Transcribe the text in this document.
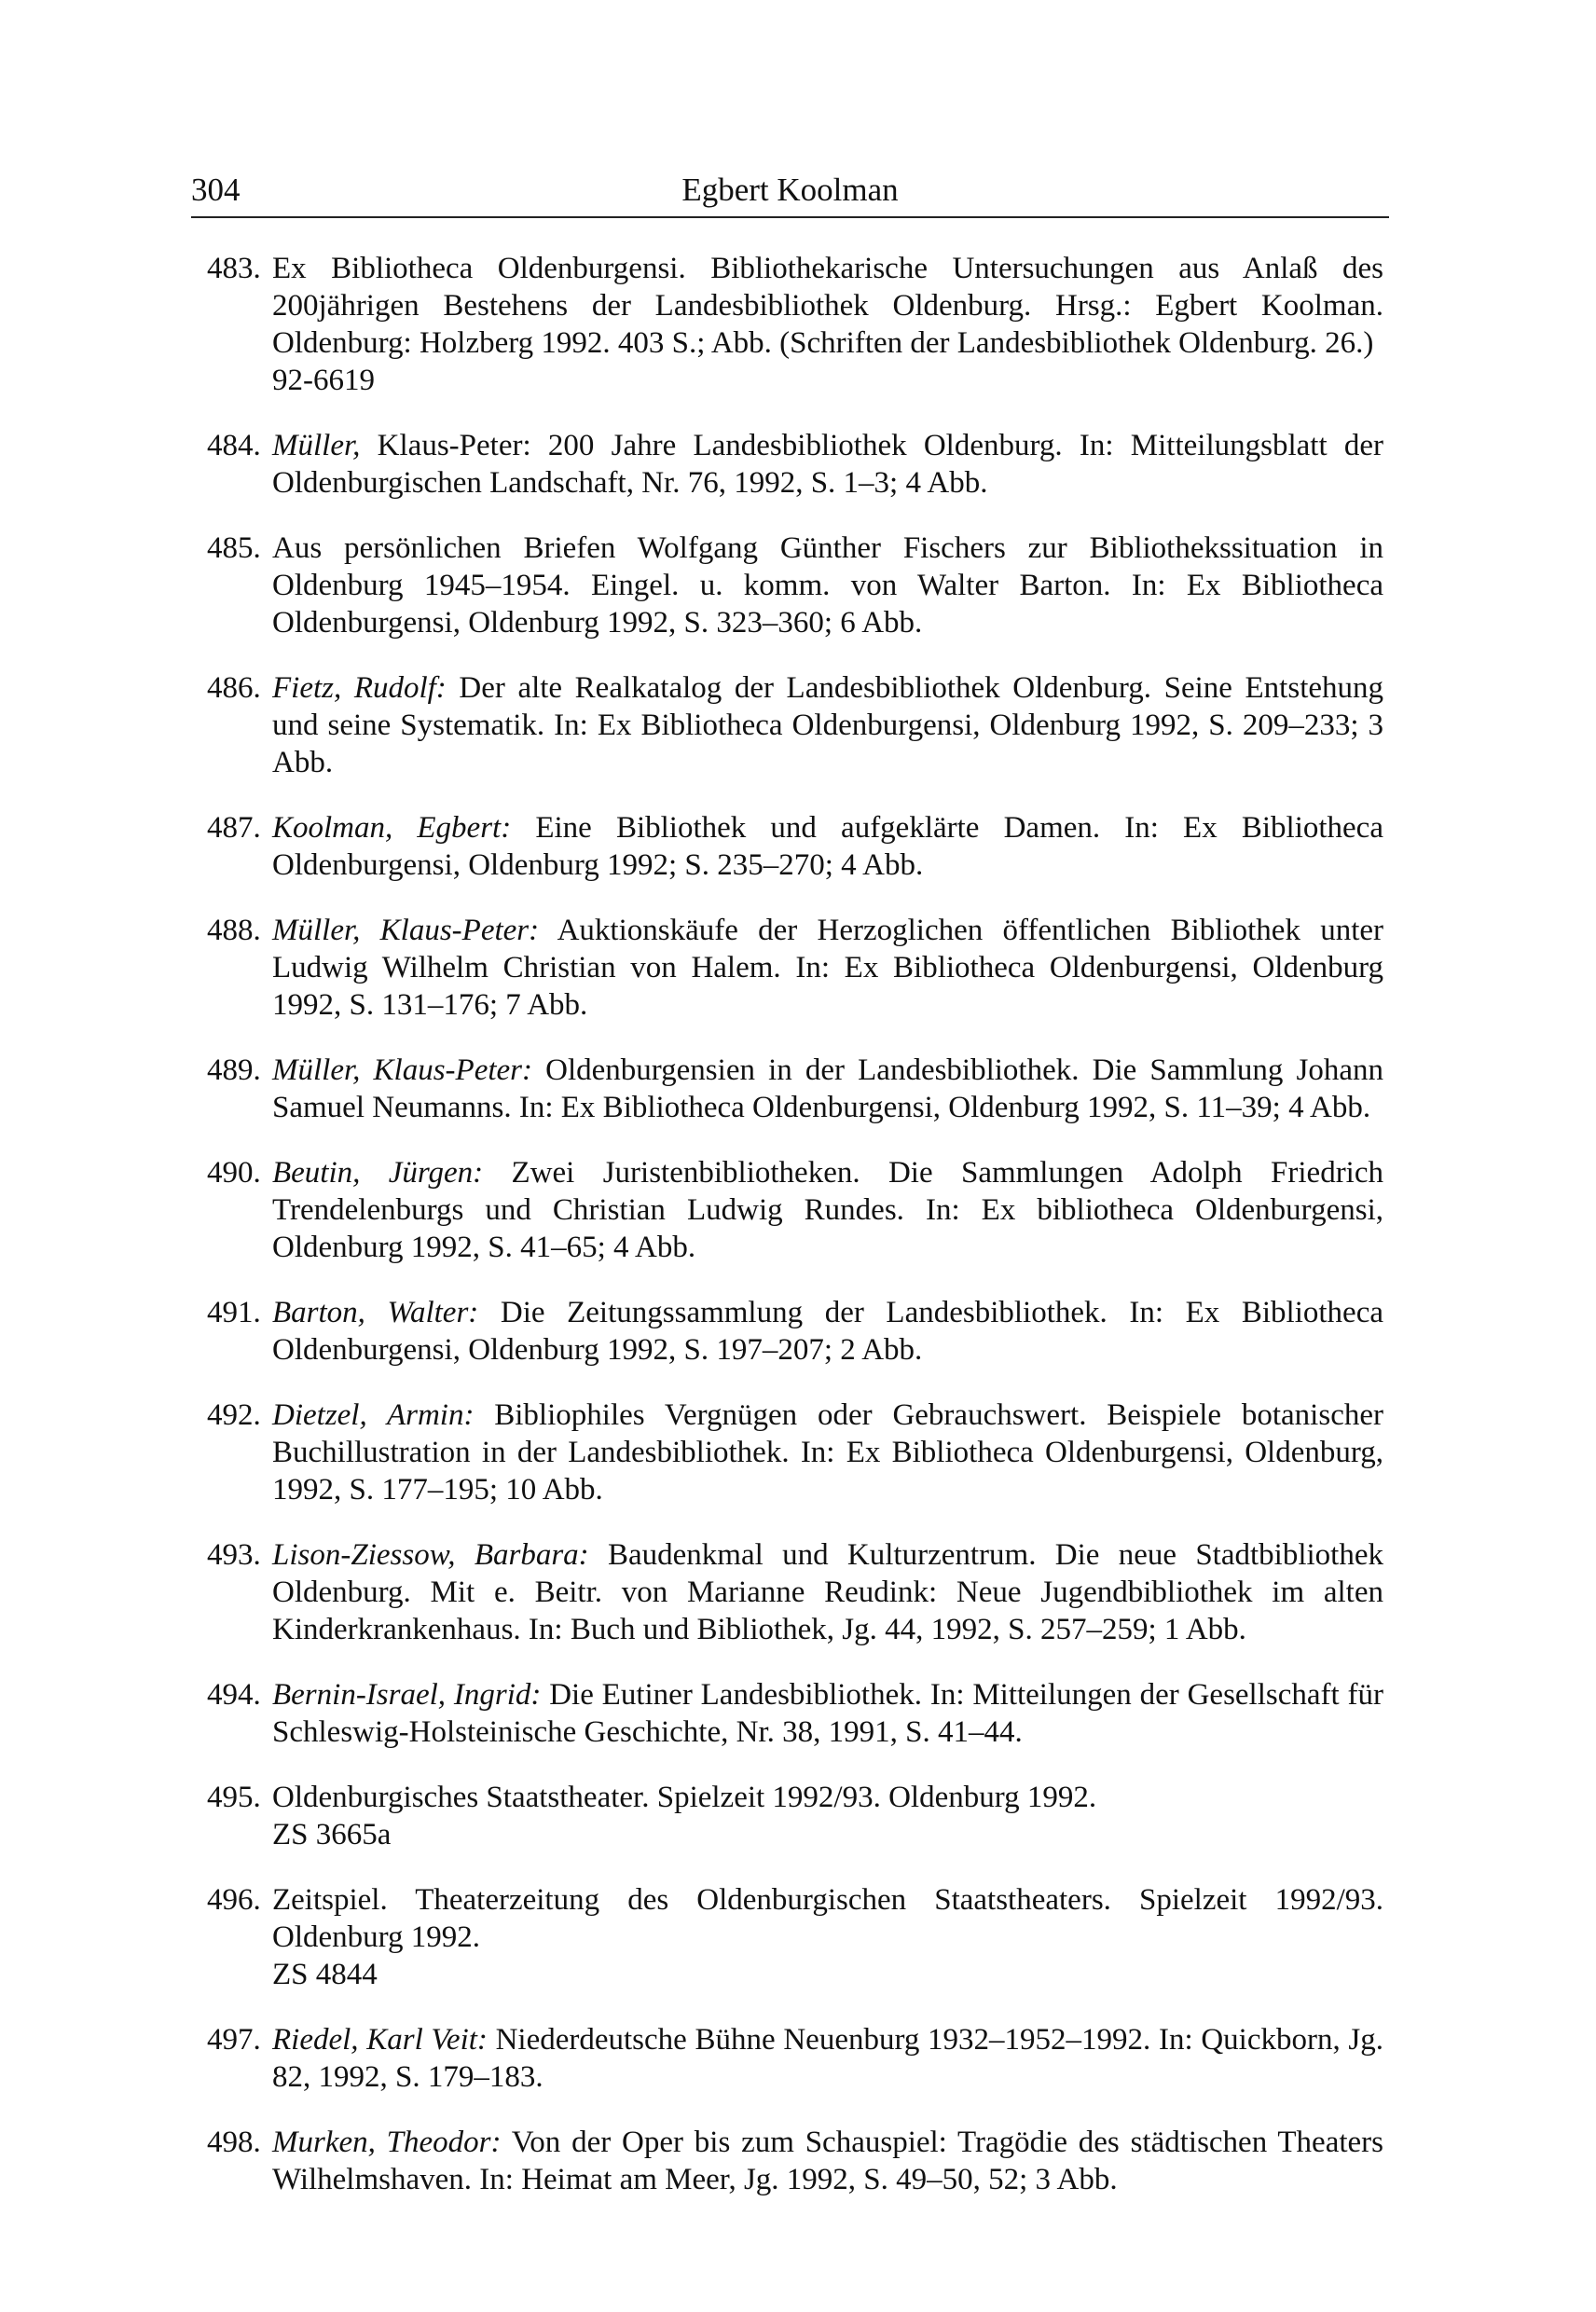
304	Egbert Koolman
483. Ex Bibliotheca Oldenburgensi. Bibliothekarische Untersuchungen aus Anlaß des 200jährigen Bestehens der Landesbibliothek Oldenburg. Hrsg.: Egbert Koolman. Oldenburg: Holzberg 1992. 403 S.; Abb. (Schriften der Landesbibliothek Oldenburg. 26.)
92-6619
484. Müller, Klaus-Peter: 200 Jahre Landesbibliothek Oldenburg. In: Mitteilungsblatt der Oldenburgischen Landschaft, Nr. 76, 1992, S. 1–3; 4 Abb.
485. Aus persönlichen Briefen Wolfgang Günther Fischers zur Bibliothekssituation in Oldenburg 1945–1954. Eingel. u. komm. von Walter Barton. In: Ex Bibliotheca Oldenburgensi, Oldenburg 1992, S. 323–360; 6 Abb.
486. Fietz, Rudolf: Der alte Realkatalog der Landesbibliothek Oldenburg. Seine Entstehung und seine Systematik. In: Ex Bibliotheca Oldenburgensi, Oldenburg 1992, S. 209–233; 3 Abb.
487. Koolman, Egbert: Eine Bibliothek und aufgeklärte Damen. In: Ex Bibliotheca Oldenburgensi, Oldenburg 1992; S. 235–270; 4 Abb.
488. Müller, Klaus-Peter: Auktionskäufe der Herzoglichen öffentlichen Bibliothek unter Ludwig Wilhelm Christian von Halem. In: Ex Bibliotheca Oldenburgensi, Oldenburg 1992, S. 131–176; 7 Abb.
489. Müller, Klaus-Peter: Oldenburgensien in der Landesbibliothek. Die Sammlung Johann Samuel Neumanns. In: Ex Bibliotheca Oldenburgensi, Oldenburg 1992, S. 11–39; 4 Abb.
490. Beutin, Jürgen: Zwei Juristenbibliotheken. Die Sammlungen Adolph Friedrich Trendelenburgs und Christian Ludwig Rundes. In: Ex bibliotheca Oldenburgensi, Oldenburg 1992, S. 41–65; 4 Abb.
491. Barton, Walter: Die Zeitungssammlung der Landesbibliothek. In: Ex Bibliotheca Oldenburgensi, Oldenburg 1992, S. 197–207; 2 Abb.
492. Dietzel, Armin: Bibliophiles Vergnügen oder Gebrauchswert. Beispiele botanischer Buchillustration in der Landesbibliothek. In: Ex Bibliotheca Oldenburgensi, Oldenburg, 1992, S. 177–195; 10 Abb.
493. Lison-Ziessow, Barbara: Baudenkmal und Kulturzentrum. Die neue Stadtbibliothek Oldenburg. Mit e. Beitr. von Marianne Reudink: Neue Jugendbibliothek im alten Kinderkrankenhaus. In: Buch und Bibliothek, Jg. 44, 1992, S. 257–259; 1 Abb.
494. Bernin-Israel, Ingrid: Die Eutiner Landesbibliothek. In: Mitteilungen der Gesellschaft für Schleswig-Holsteinische Geschichte, Nr. 38, 1991, S. 41–44.
495. Oldenburgisches Staatstheater. Spielzeit 1992/93. Oldenburg 1992.
ZS 3665a
496. Zeitspiel. Theaterzeitung des Oldenburgischen Staatstheaters. Spielzeit 1992/93. Oldenburg 1992.
ZS 4844
497. Riedel, Karl Veit: Niederdeutsche Bühne Neuenburg 1932–1952–1992. In: Quickborn, Jg. 82, 1992, S. 179–183.
498. Murken, Theodor: Von der Oper bis zum Schauspiel: Tragödie des städtischen Theaters Wilhelmshaven. In: Heimat am Meer, Jg. 1992, S. 49–50, 52; 3 Abb.
